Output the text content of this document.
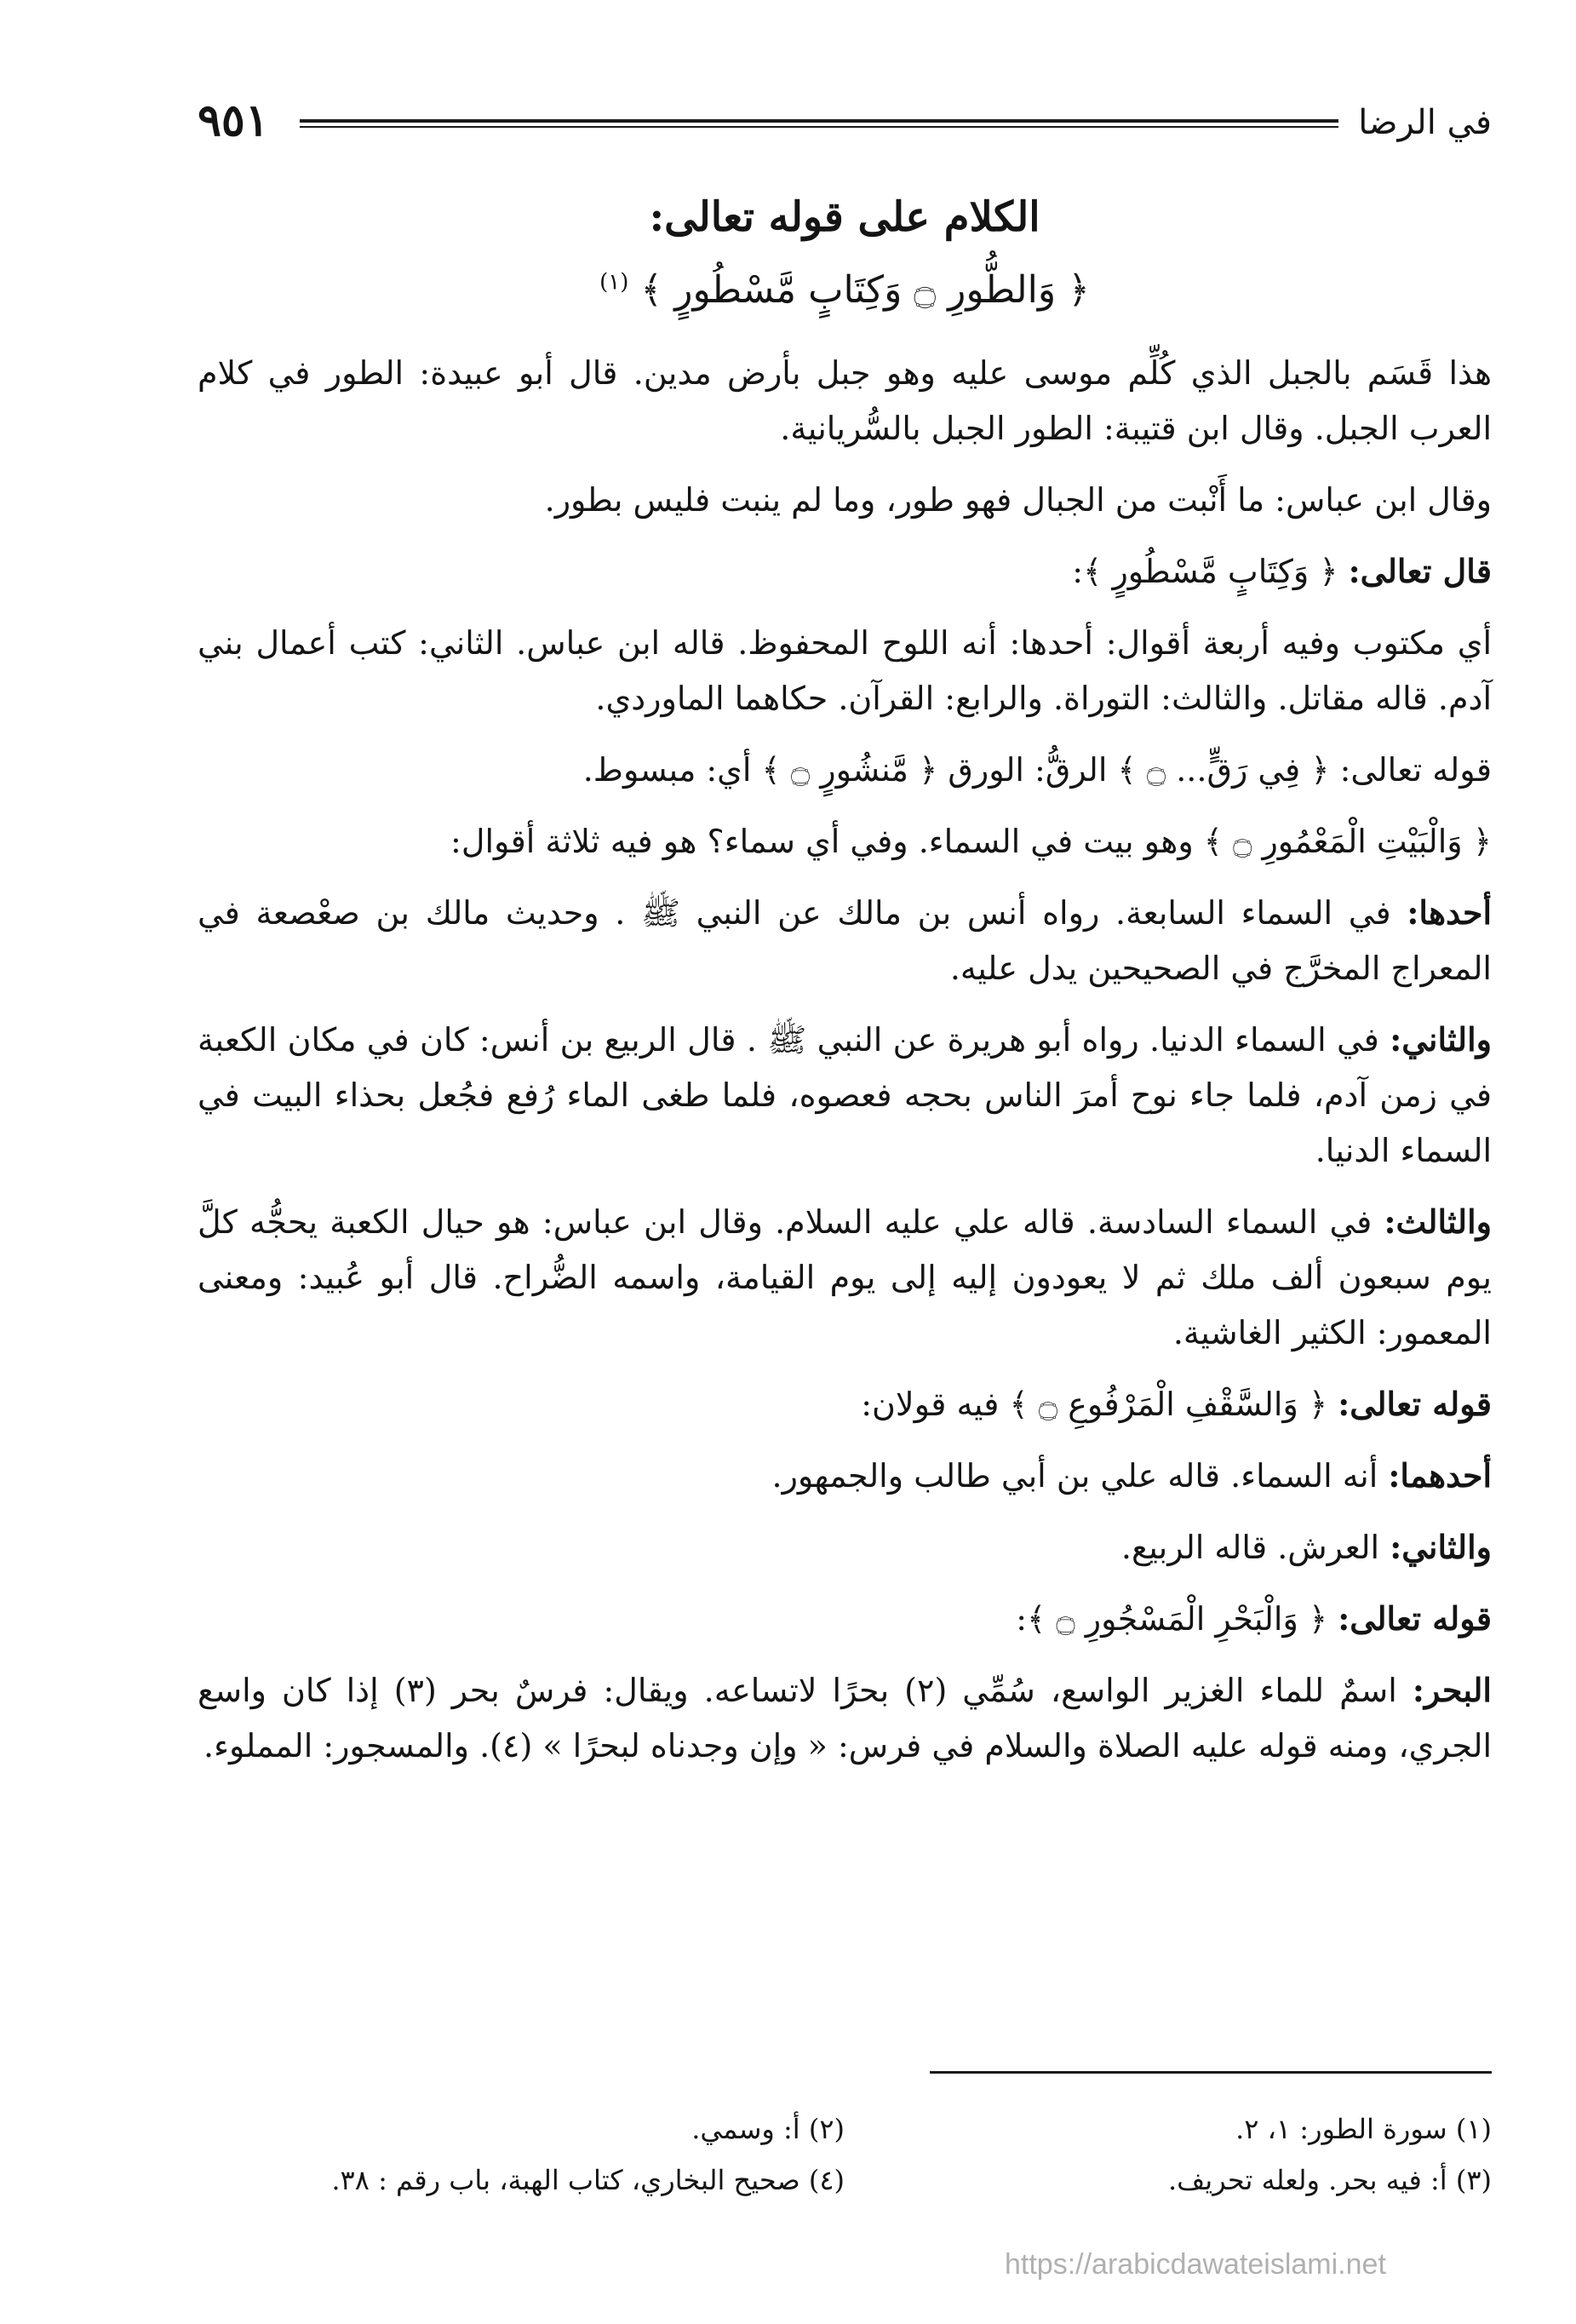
في الرضا
٩٥١
الكلام على قوله تعالى:
﴿ وَالطُّورِ ۝ وَكِتَابٍ مَّسْطُورٍ ﴾ $^{(١)}$

هذا قَسَم بالجبل الذي كُلِّم موسى عليه وهو جبل بأرض مدين. قال أبو عبيدة: الطور في كلام العرب الجبل. وقال ابن قتيبة: الطور الجبل بالسُّريانية.

وقال ابن عباس: ما أَنْبت من الجبال فهو طور، وما لم ينبت فليس بطور.

قال تعالى: ﴿ وَكِتَابٍ مَّسْطُورٍ ﴾:

أي مكتوب وفيه أربعة أقوال: أحدها: أنه اللوح المحفوظ. قاله ابن عباس. الثاني: كتب أعمال بني آدم. قاله مقاتل. والثالث: التوراة. والرابع: القرآن. حكاهما الماوردي.

قوله تعالى: ﴿ فِي رَقٍّ... ۝ ﴾ الرقُّ: الورق ﴿ مَّنشُورٍ ۝ ﴾ أي: مبسوط.

﴿ وَالْبَيْتِ الْمَعْمُورِ ۝ ﴾ وهو بيت في السماء. وفي أي سماء؟ هو فيه ثلاثة أقوال:

أحدها: في السماء السابعة. رواه أنس بن مالك عن النبي ﷺ . وحديث مالك بن صعْصعة في المعراج المخرَّج في الصحيحين يدل عليه.

والثاني: في السماء الدنيا. رواه أبو هريرة عن النبي ﷺ . قال الربيع بن أنس: كان في مكان الكعبة في زمن آدم، فلما جاء نوح أمرَ الناس بحجه فعصوه، فلما طغى الماء رُفع فجُعل بحذاء البيت في السماء الدنيا.

والثالث: في السماء السادسة. قاله علي عليه السلام. وقال ابن عباس: هو حيال الكعبة يحجُّه كلَّ يوم سبعون ألف ملك ثم لا يعودون إليه إلى يوم القيامة، واسمه الضُّراح. قال أبو عُبيد: ومعنى المعمور: الكثير الغاشية.

قوله تعالى: ﴿ وَالسَّقْفِ الْمَرْفُوعِ ۝ ﴾ فيه قولان:

أحدهما: أنه السماء. قاله علي بن أبي طالب والجمهور.

والثاني: العرش. قاله الربيع.

قوله تعالى: ﴿ وَالْبَحْرِ الْمَسْجُورِ ۝ ﴾:

البحر: اسمٌ للماء الغزير الواسع، سُمِّي (٢) بحرًا لاتساعه. ويقال: فرسٌ بحر (٣) إذا كان واسع الجري، ومنه قوله عليه الصلاة والسلام في فرس: « وإن وجدناه لبحرًا » (٤). والمسجور: المملوء.

(١) سورة الطور: ١، ٢.
(٢) أ: وسمي.
(٣) أ: فيه بحر. ولعله تحريف.
(٤) صحيح البخاري، كتاب الهبة، باب رقم : ٣٨.
https://arabicdawateislami.net
